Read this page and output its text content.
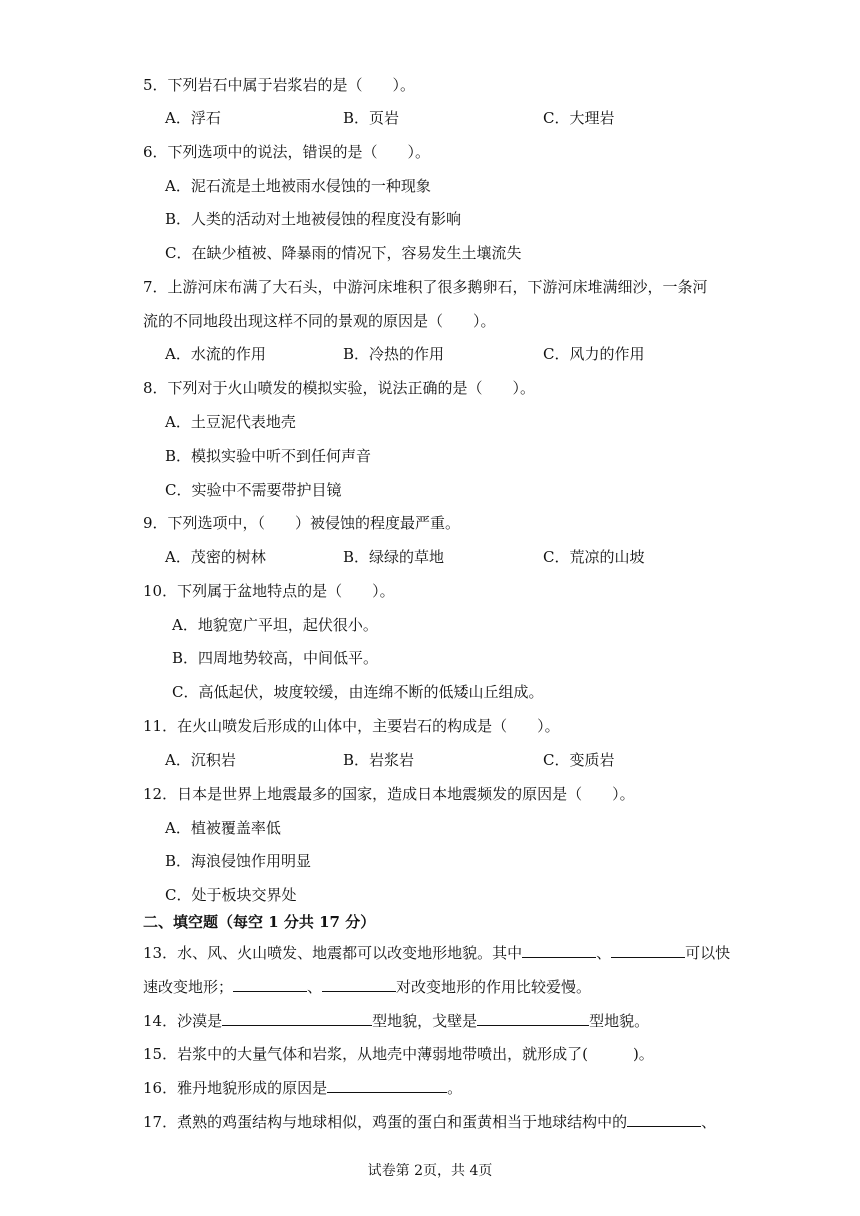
5．下列岩石中属于岩浆岩的是（　　）。
A．浮石	B．页岩	C．大理岩
6．下列选项中的说法，错误的是（　　）。
A．泥石流是土地被雨水侵蚀的一种现象
B．人类的活动对土地被侵蚀的程度没有影响
C．在缺少植被、降暴雨的情况下，容易发生土壤流失
7．上游河床布满了大石头，中游河床堆积了很多鹅卵石，下游河床堆满细沙，一条河
流的不同地段出现这样不同的景观的原因是（　　）。
A．水流的作用	B．冷热的作用	C．风力的作用
8．下列对于火山喷发的模拟实验，说法正确的是（　　）。
A．土豆泥代表地壳
B．模拟实验中听不到任何声音
C．实验中不需要带护目镜
9．下列选项中，（　　）被侵蚀的程度最严重。
A．茂密的树林	B．绿绿的草地	C．荒凉的山坡
10．下列属于盆地特点的是（　　）。
A．地貌宽广平坦，起伏很小。
B．四周地势较高，中间低平。
C．高低起伏，坡度较缓，由连绵不断的低矮山丘组成。
11．在火山喷发后形成的山体中，主要岩石的构成是（　　）。
A．沉积岩	B．岩浆岩	C．变质岩
12．日本是世界上地震最多的国家，造成日本地震频发的原因是（　　）。
A．植被覆盖率低
B．海浪侵蚀作用明显
C．处于板块交界处
二、填空题（每空 1 分共 17 分）
13．水、风、火山喷发、地震都可以改变地形地貌。其中	、	可以快
速改变地形；	、	对改变地形的作用比较爱慢。
14．沙漠是	型地貌，戈壁是	型地貌。
15．岩浆中的大量气体和岩浆，从地壳中薄弱地带喷出，就形成了(　　　)。
16．雅丹地貌形成的原因是	。
17．煮熟的鸡蛋结构与地球相似，鸡蛋的蛋白和蛋黄相当于地球结构中的	、
试卷第 2页，共 4页
